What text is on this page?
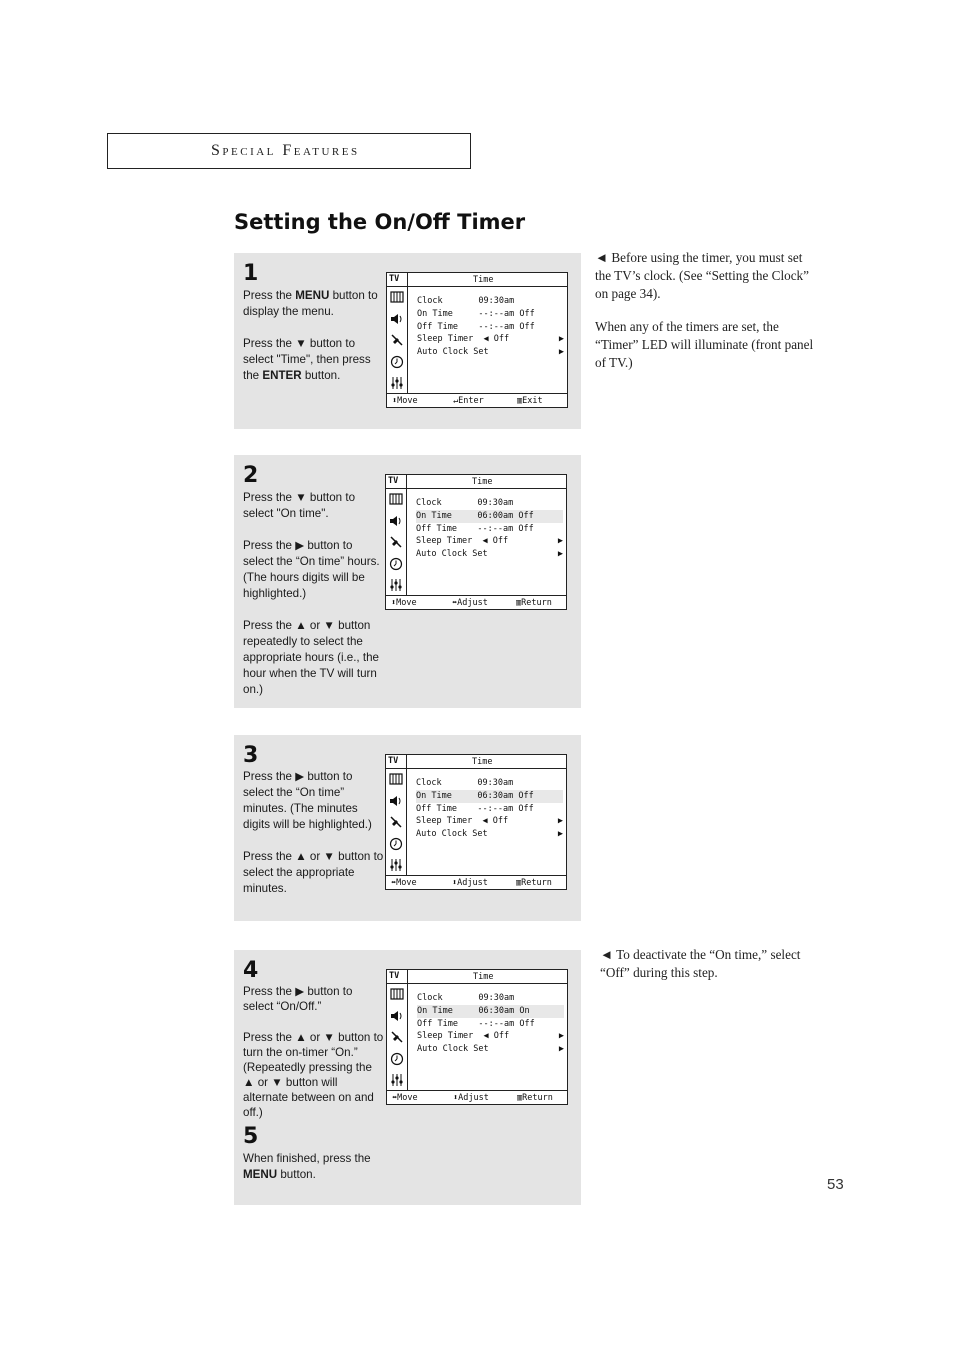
Special Features
Setting the On/Off Timer
1

Press the MENU button to display the menu.

Press the ▼ button to select "Time", then press the ENTER button.

TV	Time
Clock       09:30am
On Time     --:--am Off
Off Time    --:--am Off
Sleep Timer  ◀ Off	▶
Auto Clock Set	▶
⬍Move	↵Enter	▥Exit
2

Press the ▼ button to select "On time".

Press the ▶ button to select the “On time” hours. (The hours digits will be highlighted.)

Press the ▲ or ▼ button repeatedly to select the appropriate hours (i.e., the hour when the TV will turn on.)

TV	Time
Clock       09:30am
On Time     06:00am Off
Off Time    --:--am Off
Sleep Timer  ◀ Off	▶
Auto Clock Set	▶
⬍Move	⬌Adjust	▥Return
3

Press the ▶ button to select the “On time” minutes. (The minutes digits will be highlighted.)

Press the ▲ or ▼ button to select the appropriate minutes.

TV	Time
Clock       09:30am
On Time     06:30am Off
Off Time    --:--am Off
Sleep Timer  ◀ Off	▶
Auto Clock Set	▶
⬌Move	⬍Adjust	▥Return
4

Press the ▶ button to select “On/Off.”

Press the ▲ or ▼ button to turn the on-timer “On.” (Repeatedly pressing the ▲ or ▼ button will alternate between on and off.)

TV	Time
Clock       09:30am
On Time     06:30am On
Off Time    --:--am Off
Sleep Timer  ◀ Off	▶
Auto Clock Set	▶
⬌Move	⬍Adjust	▥Return
5

When finished, press the MENU button.

◄ Before using the timer, you must set the TV’s clock. (See “Setting the Clock” on page 34).

When any of the timers are set, the “Timer” LED will illuminate (front panel of TV.)

◄ To deactivate the “On time,” select “Off” during this step.

53
